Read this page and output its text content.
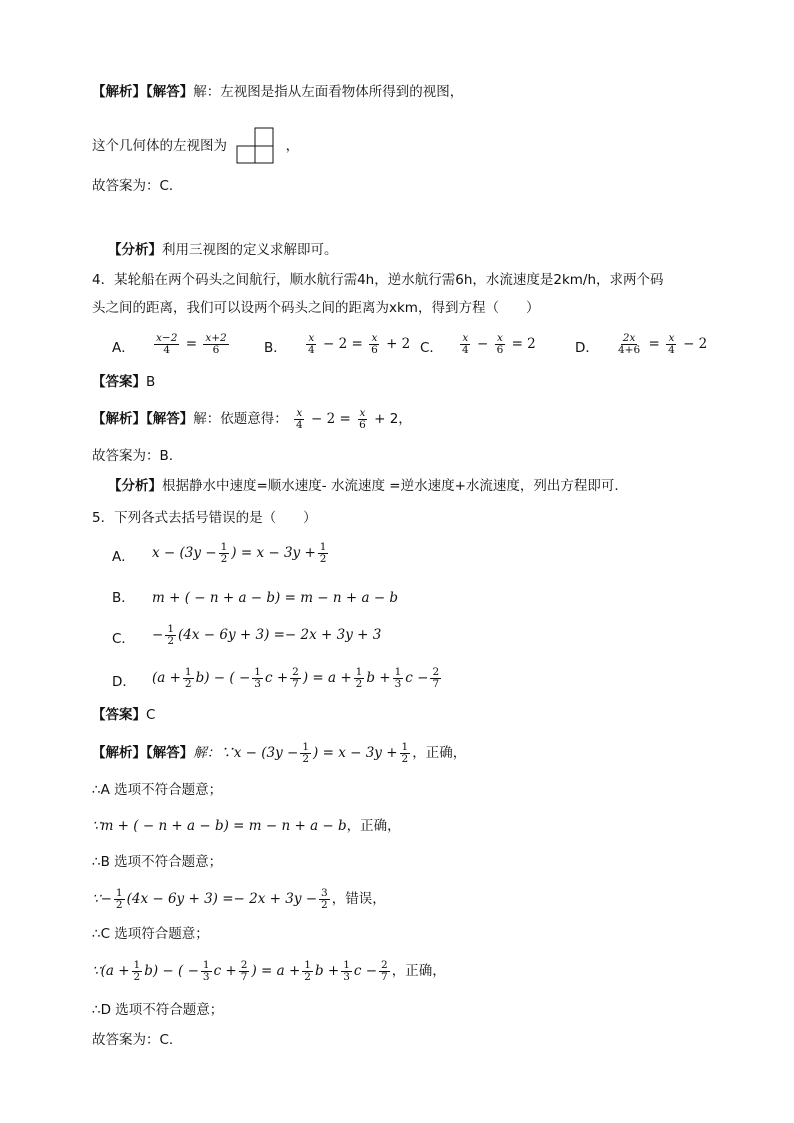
【解析】【解答】解：左视图是指从左面看物体所得到的视图，
这个几何体的左视图为	，
故答案为：C．
【分析】利用三视图的定义求解即可。
4．某轮船在两个码头之间航行，顺水航行需4h，逆水航行需6h，水流速度是2km/h，求两个码
头之间的距离，我们可以设两个码头之间的距离为xkm，得到方程（　　）
A． $\frac{x-2}{4} = \frac{x+2}{6}$	B． $\frac{x}{4} - 2 = \frac{x}{6} + 2$ C． $\frac{x}{4} - \frac{x}{6} = 2$	D． $\frac{2x}{4+6} = \frac{x}{4} - 2$
【答案】B
【解析】【解答】解：依题意得： $\frac{x}{4} - 2 = \frac{x}{6} + 2$，
故答案为：B.
【分析】根据静水中速度=顺水速度- 水流速度 =逆水速度+水流速度，列出方程即可.
5．下列各式去括号错误的是（　　）
A． $x - (3y - \frac{1}{2}$ ) = $x - 3y + \frac{1}{2}$
B． m + ( − n + a − b) = m − n + a − b
C． − $\frac{1}{2} (4x - 6y + 3) =- 2x + 3y + 3$
D． $(a + \frac{1}{2} b)$ − ( − $\frac{1}{3}$ $c + \frac{2}{7}$ ) = $a + \frac{1}{2}$ $b + \frac{1}{3}$ $c - \frac{2}{7}$
【答案】C
【解析】【解答】解：∵x − ($3y - \frac{1}{2}$ ) = $x - 3y + \frac{1}{2}$ ，正确，
∴A 选项不符合题意；
∵m + ( − n + a − b) = m − n + a − b，正确，
∴B 选项不符合题意；
∵− $\frac{1}{2} (4x - 6y + 3) =- 2x + 3y - \frac{3}{2}$ ，错误，
∴C 选项符合题意；
∵(a + $\frac{1}{2} b$) − ( − $\frac{1}{3}$ $c + \frac{2}{7}$ ) = $a + \frac{1}{2}$ $b + \frac{1}{3}$ $c - \frac{2}{7}$ ，正确，
∴D 选项不符合题意；
故答案为：C.
